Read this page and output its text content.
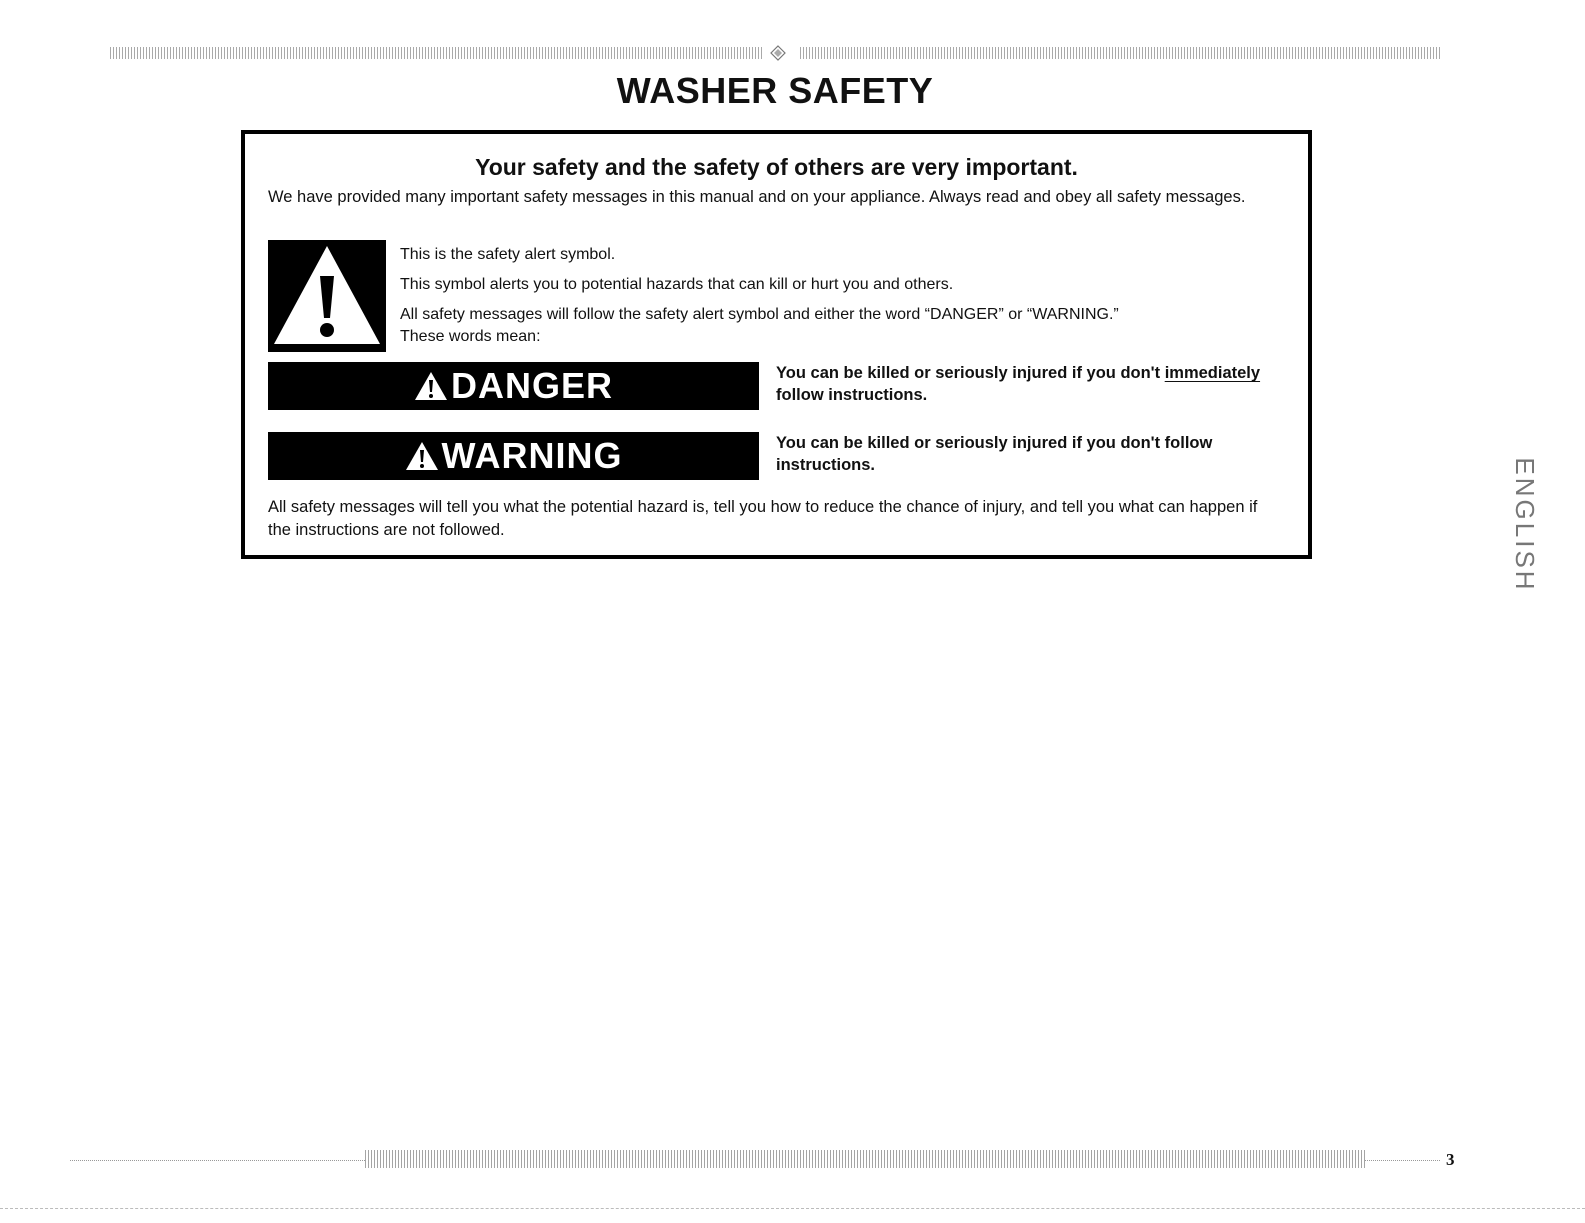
WASHER SAFETY
Your safety and the safety of others are very important.
We have provided many important safety messages in this manual and on your appliance. Always read and obey all safety messages.
This is the safety alert symbol.
This symbol alerts you to potential hazards that can kill or hurt you and others.
All safety messages will follow the safety alert symbol and either the word “DANGER” or “WARNING.”
These words mean:
DANGER	You can be killed or seriously injured if you don't immediately follow instructions.
WARNING	You can be killed or seriously injured if you don't follow instructions.
All safety messages will tell you what the potential hazard is, tell you how to reduce the chance of injury, and tell you what can happen if the instructions are not followed.	ENGLISH
3
